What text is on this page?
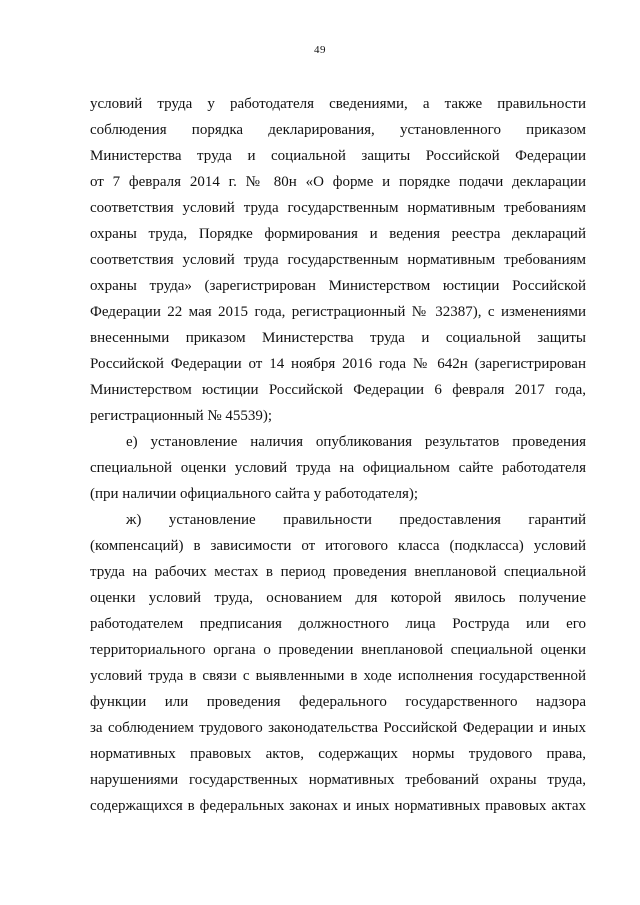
49
условий труда у работодателя сведениями, а также правильности
соблюдения порядка декларирования, установленного приказом
Министерства труда и социальной защиты Российской Федерации
от 7 февраля 2014 г. № 80н «О форме и порядке подачи декларации
соответствия условий труда государственным нормативным требованиям
охраны труда, Порядке формирования и ведения реестра деклараций
соответствия условий труда государственным нормативным требованиям
охраны труда» (зарегистрирован Министерством юстиции Российской
Федерации 22 мая 2015 года, регистрационный № 32387), с изменениями
внесенными приказом Министерства труда и социальной защиты
Российской Федерации от 14 ноября 2016 года № 642н (зарегистрирован
Министерством юстиции Российской Федерации 6 февраля 2017 года,
регистрационный № 45539);
е) установление наличия опубликования результатов проведения
специальной оценки условий труда на официальном сайте работодателя
(при наличии официального сайта у работодателя);
ж) установление правильности предоставления гарантий
(компенсаций) в зависимости от итогового класса (подкласса) условий
труда на рабочих местах в период проведения внеплановой специальной
оценки условий труда, основанием для которой явилось получение
работодателем предписания должностного лица Роструда или его
территориального органа о проведении внеплановой специальной оценки
условий труда в связи с выявленными в ходе исполнения государственной
функции или проведения федерального государственного надзора
за соблюдением трудового законодательства Российской Федерации и иных
нормативных правовых актов, содержащих нормы трудового права,
нарушениями государственных нормативных требований охраны труда,
содержащихся в федеральных законах и иных нормативных правовых актах
